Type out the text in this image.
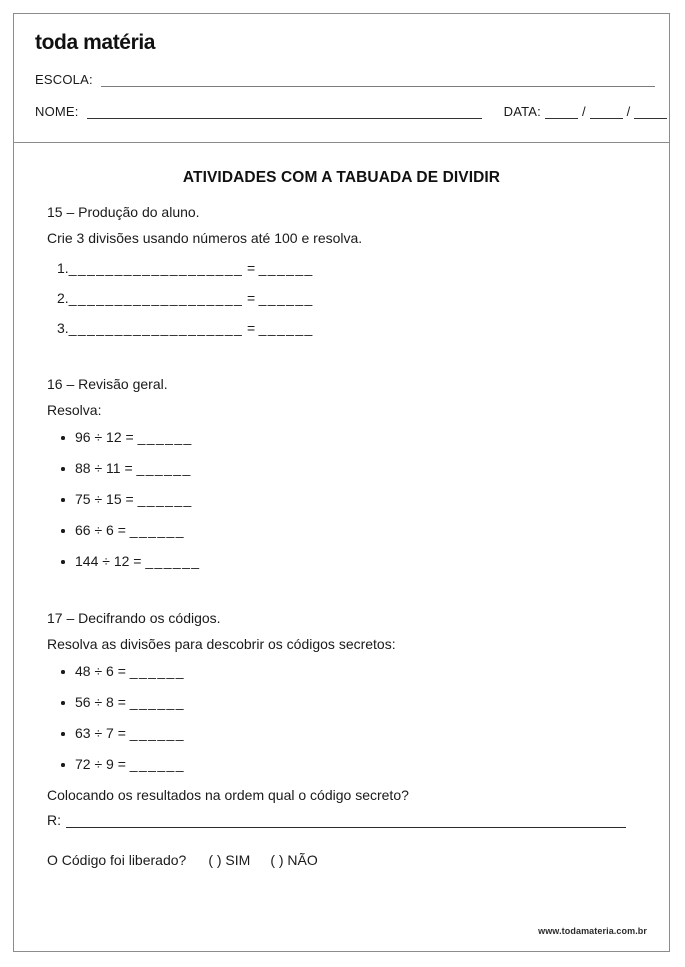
toda matéria
ESCOLA:
NOME:	DATA:	/	/
ATIVIDADES COM A TABUADA DE DIVIDIR
15 – Produção do aluno.
Crie 3 divisões usando números até 100 e resolva.
1.___________________ = ______
2.___________________ = ______
3.___________________ = ______
16 – Revisão geral.
Resolva:
96 ÷ 12 = ______
88 ÷ 11 = ______
75 ÷ 15 = ______
66 ÷ 6 = ______
144 ÷ 12 = ______
17 – Decifrando os códigos.
Resolva as divisões para descobrir os códigos secretos:
48 ÷ 6 = ______
56 ÷ 8 = ______
63 ÷ 7 = ______
72 ÷ 9 = ______
Colocando os resultados na ordem qual o código secreto?
R:
O Código foi liberado? ( ) SIM ( ) NÃO
www.todamateria.com.br
